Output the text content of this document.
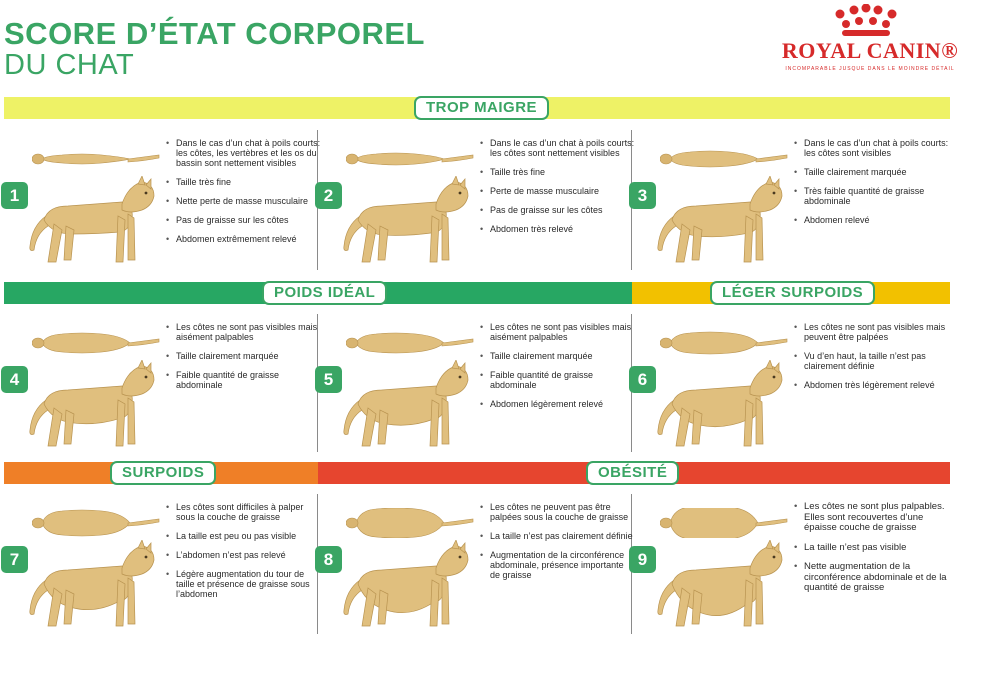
SCORE D’ÉTAT CORPOREL
DU CHAT	ROYAL CANIN®
INCOMPARABLE JUSQUE DANS LE MOINDRE DÉTAIL
TROP MAIGRE
POIDS IDÉAL	LÉGER SURPOIDS
SURPOIDS	OBÉSITÉ
1
• Dans le cas d’un chat à poils courts: les côtes, les vertèbres et les os du bassin sont nettement visibles
• Taille très fine
• Nette perte de masse musculaire
• Pas de graisse sur les côtes
• Abdomen extrêmement relevé
2
• Dans le cas d’un chat à poils courts: les côtes sont nettement visibles
• Taille très fine
• Perte de masse musculaire
• Pas de graisse sur les côtes
• Abdomen très relevé
3
• Dans le cas d’un chat à poils courts: les côtes sont visibles
• Taille clairement marquée
• Très faible quantité de graisse abdominale
• Abdomen relevé
4
• Les côtes ne sont pas visibles mais aisément palpables
• Taille clairement marquée
• Faible quantité de graisse abdominale	5
• Les côtes ne sont pas visibles mais aisément palpables
• Taille clairement marquée
• Faible quantité de graisse abdominale
• Abdomen légèrement relevé
6
• Les côtes ne sont pas visibles mais peuvent être palpées
• Vu d’en haut, la taille n’est pas clairement définie
• Abdomen très légèrement relevé
7
• Les côtes sont difficiles à palper sous la couche de graisse
• La taille est peu ou pas visible
• L’abdomen n’est pas relevé
• Légère augmentation du tour de taille et présence de graisse sous l’abdomen
8
• Les côtes ne peuvent pas être palpées sous la couche de graisse
• La taille n’est pas clairement définie
• Augmentation de la circonférence abdominale, présence importante de graisse
9
• Les côtes ne sont plus palpables. Elles sont recouvertes d’une épaisse couche de graisse
• La taille n’est pas visible
• Nette augmentation de la circonférence abdominale et de la quantité de graisse
